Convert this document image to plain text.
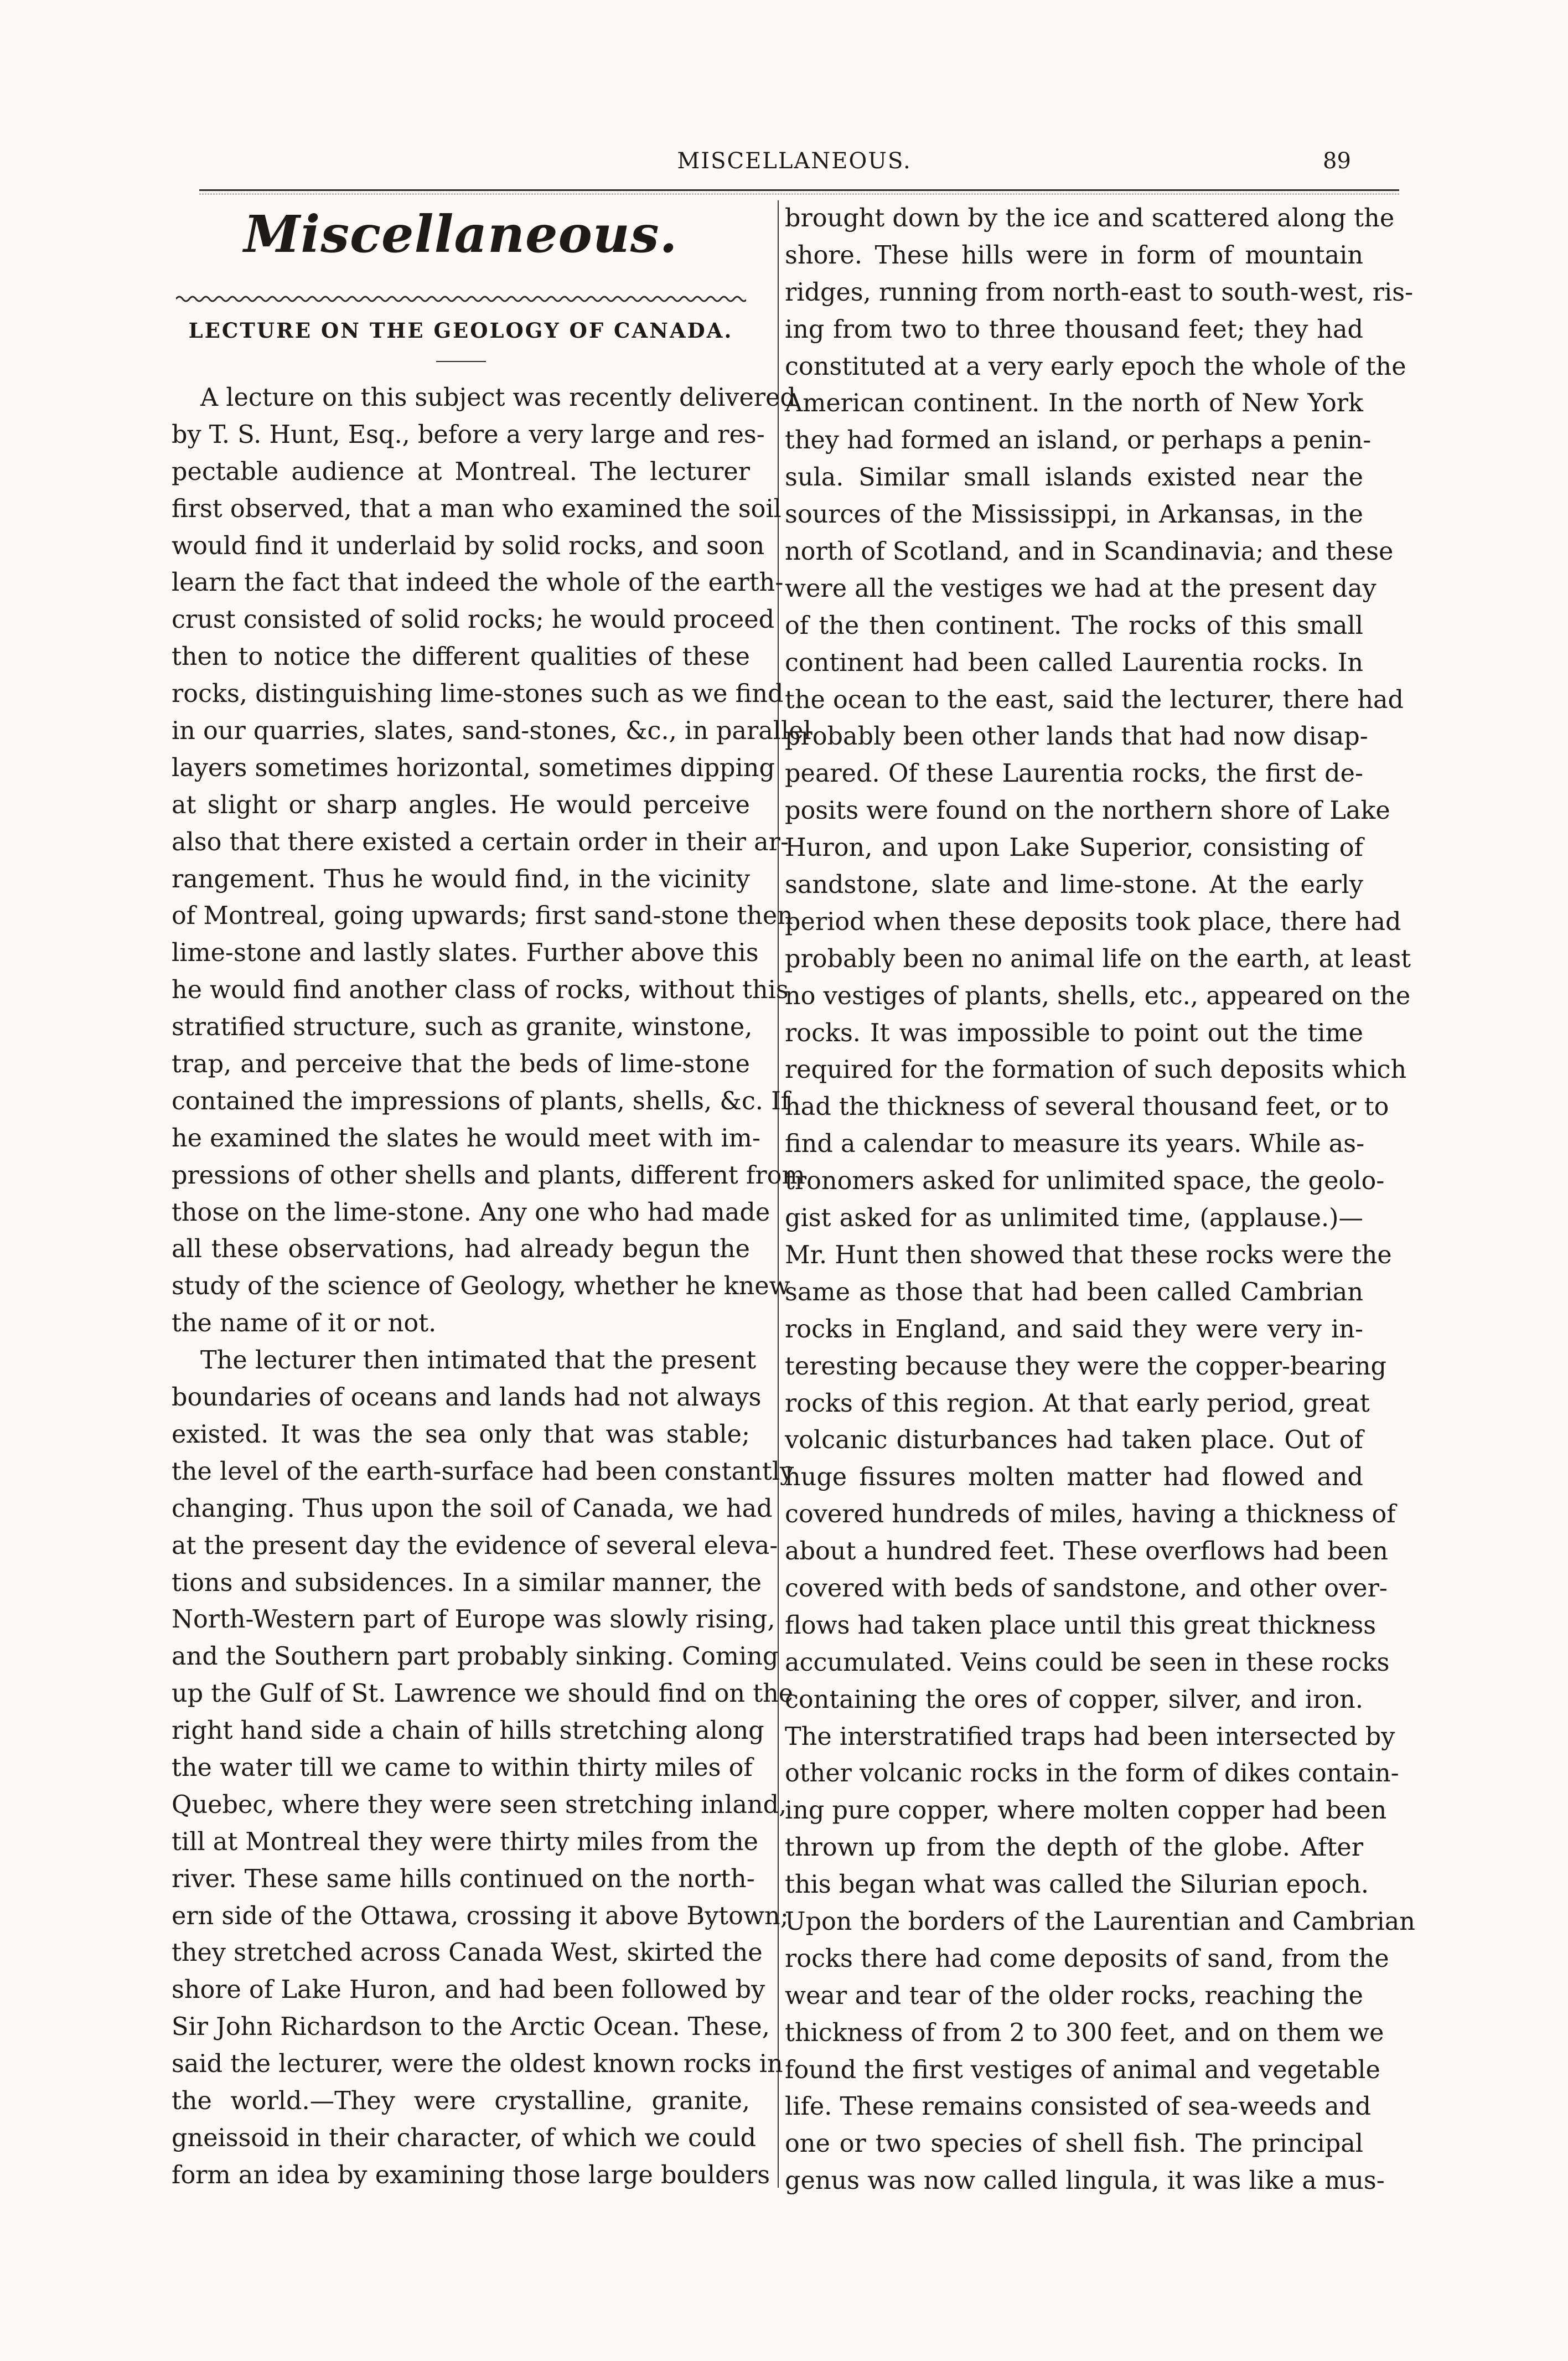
MISCELLANEOUS.	89
Miscellaneous.
LECTURE ON THE GEOLOGY OF CANADA.
A lecture on this subject was recently delivered
by T. S. Hunt, Esq., before a very large and res-
pectable audience at Montreal. The lecturer
first observed, that a man who examined the soil
would find it underlaid by solid rocks, and soon
learn the fact that indeed the whole of the earth-
crust consisted of solid rocks; he would proceed
then to notice the different qualities of these
rocks, distinguishing lime-stones such as we find
in our quarries, slates, sand-stones, &c., in parallel
layers sometimes horizontal, sometimes dipping
at slight or sharp angles. He would perceive
also that there existed a certain order in their ar-
rangement. Thus he would find, in the vicinity
of Montreal, going upwards; first sand-stone then
lime-stone and lastly slates. Further above this
he would find another class of rocks, without this
stratified structure, such as granite, winstone,
trap, and perceive that the beds of lime-stone
contained the impressions of plants, shells, &c. If
he examined the slates he would meet with im-
pressions of other shells and plants, different from
those on the lime-stone. Any one who had made
all these observations, had already begun the
study of the science of Geology, whether he knew
the name of it or not.
The lecturer then intimated that the present
boundaries of oceans and lands had not always
existed. It was the sea only that was stable;
the level of the earth-surface had been constantly
changing. Thus upon the soil of Canada, we had
at the present day the evidence of several eleva-
tions and subsidences. In a similar manner, the
North-Western part of Europe was slowly rising,
and the Southern part probably sinking. Coming
up the Gulf of St. Lawrence we should find on the
right hand side a chain of hills stretching along
the water till we came to within thirty miles of
Quebec, where they were seen stretching inland,
till at Montreal they were thirty miles from the
river. These same hills continued on the north-
ern side of the Ottawa, crossing it above Bytown;
they stretched across Canada West, skirted the
shore of Lake Huron, and had been followed by
Sir John Richardson to the Arctic Ocean. These,
said the lecturer, were the oldest known rocks in
the world.—They were crystalline, granite,
gneissoid in their character, of which we could
form an idea by examining those large boulders
brought down by the ice and scattered along the
shore. These hills were in form of mountain
ridges, running from north-east to south-west, ris-
ing from two to three thousand feet; they had
constituted at a very early epoch the whole of the
American continent. In the north of New York
they had formed an island, or perhaps a penin-
sula. Similar small islands existed near the
sources of the Mississippi, in Arkansas, in the
north of Scotland, and in Scandinavia; and these
were all the vestiges we had at the present day
of the then continent. The rocks of this small
continent had been called Laurentia rocks. In
the ocean to the east, said the lecturer, there had
probably been other lands that had now disap-
peared. Of these Laurentia rocks, the first de-
posits were found on the northern shore of Lake
Huron, and upon Lake Superior, consisting of
sandstone, slate and lime-stone. At the early
period when these deposits took place, there had
probably been no animal life on the earth, at least
no vestiges of plants, shells, etc., appeared on the
rocks. It was impossible to point out the time
required for the formation of such deposits which
had the thickness of several thousand feet, or to
find a calendar to measure its years. While as-
tronomers asked for unlimited space, the geolo-
gist asked for as unlimited time, (applause.)—
Mr. Hunt then showed that these rocks were the
same as those that had been called Cambrian
rocks in England, and said they were very in-
teresting because they were the copper-bearing
rocks of this region. At that early period, great
volcanic disturbances had taken place. Out of
huge fissures molten matter had flowed and
covered hundreds of miles, having a thickness of
about a hundred feet. These overflows had been
covered with beds of sandstone, and other over-
flows had taken place until this great thickness
accumulated. Veins could be seen in these rocks
containing the ores of copper, silver, and iron.
The interstratified traps had been intersected by
other volcanic rocks in the form of dikes contain-
ing pure copper, where molten copper had been
thrown up from the depth of the globe. After
this began what was called the Silurian epoch.
Upon the borders of the Laurentian and Cambrian
rocks there had come deposits of sand, from the
wear and tear of the older rocks, reaching the
thickness of from 2 to 300 feet, and on them we
found the first vestiges of animal and vegetable
life. These remains consisted of sea-weeds and
one or two species of shell fish. The principal
genus was now called lingula, it was like a mus-
